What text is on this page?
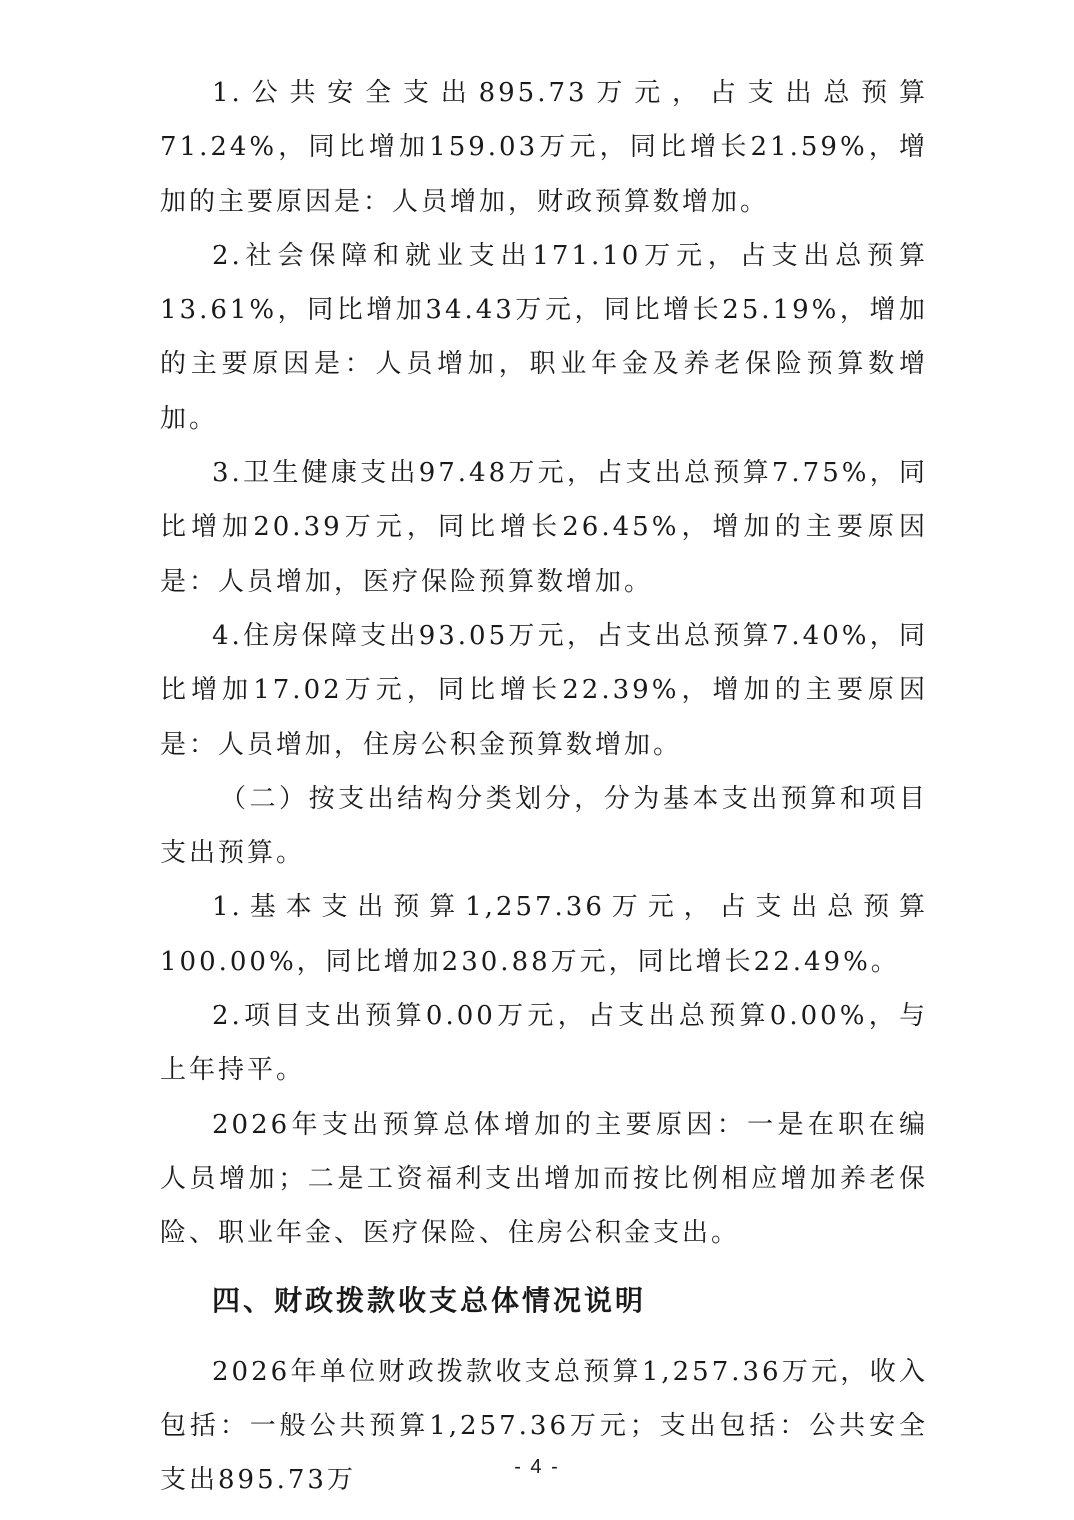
1.公共安全支出895.73万元，占支出总预算71.24%，同比增加159.03万元，同比增长21.59%，增加的主要原因是：人员增加，财政预算数增加。

2.社会保障和就业支出171.10万元，占支出总预算13.61%，同比增加34.43万元，同比增长25.19%，增加的主要原因是：人员增加，职业年金及养老保险预算数增加。

3.卫生健康支出97.48万元，占支出总预算7.75%，同比增加20.39万元，同比增长26.45%，增加的主要原因是：人员增加，医疗保险预算数增加。

4.住房保障支出93.05万元，占支出总预算7.40%，同比增加17.02万元，同比增长22.39%，增加的主要原因是：人员增加，住房公积金预算数增加。

（二）按支出结构分类划分，分为基本支出预算和项目支出预算。

1.基本支出预算1,257.36万元，占支出总预算100.00%，同比增加230.88万元，同比增长22.49%。

2.项目支出预算0.00万元，占支出总预算0.00%，与上年持平。

2026年支出预算总体增加的主要原因：一是在职在编人员增加；二是工资福利支出增加而按比例相应增加养老保险、职业年金、医疗保险、住房公积金支出。

四、财政拨款收支总体情况说明

2026年单位财政拨款收支总预算1,257.36万元，收入包括：一般公共预算1,257.36万元；支出包括：公共安全支出895.73万	- 4 -
